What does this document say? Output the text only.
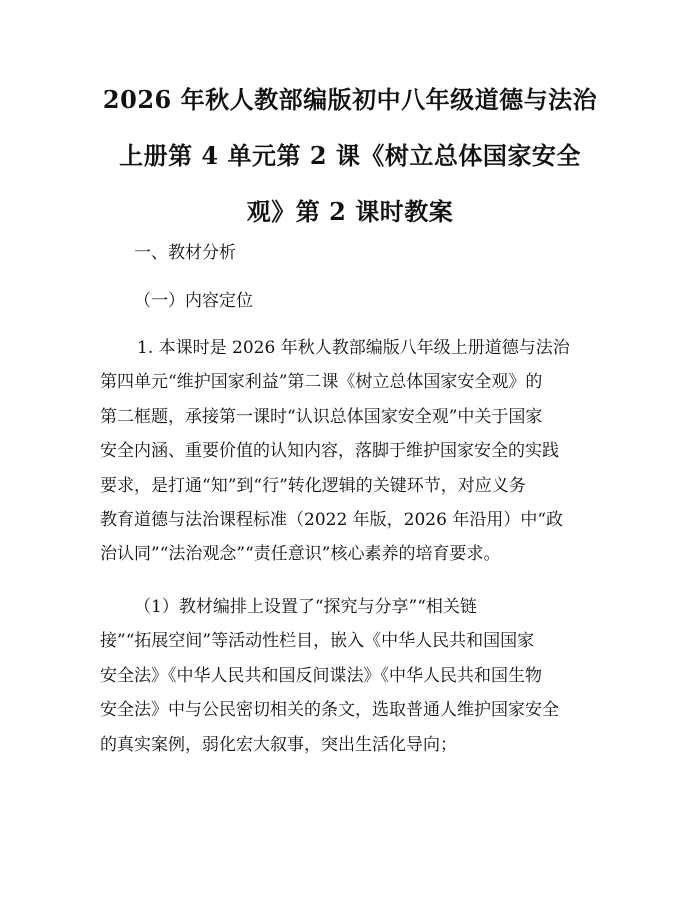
2026 年秋人教部编版初中八年级道德与法治
上册第 4 单元第 2 课《树立总体国家安全
观》第 2 课时教案
一、教材分析
（一）内容定位
1. 本课时是 2026 年秋人教部编版八年级上册道德与法治
第四单元“维护国家利益”第二课《树立总体国家安全观》的
第二框题，承接第一课时“认识总体国家安全观”中关于国家
安全内涵、重要价值的认知内容，落脚于维护国家安全的实践
要求，是打通“知”到“行”转化逻辑的关键环节，对应义务
教育道德与法治课程标准（2022 年版，2026 年沿用）中“政
治认同”“法治观念”“责任意识”核心素养的培育要求。
（1）教材编排上设置了“探究与分享”“相关链
接”“拓展空间”等活动性栏目，嵌入《中华人民共和国国家
安全法》《中华人民共和国反间谍法》《中华人民共和国生物
安全法》中与公民密切相关的条文，选取普通人维护国家安全
的真实案例，弱化宏大叙事，突出生活化导向；
